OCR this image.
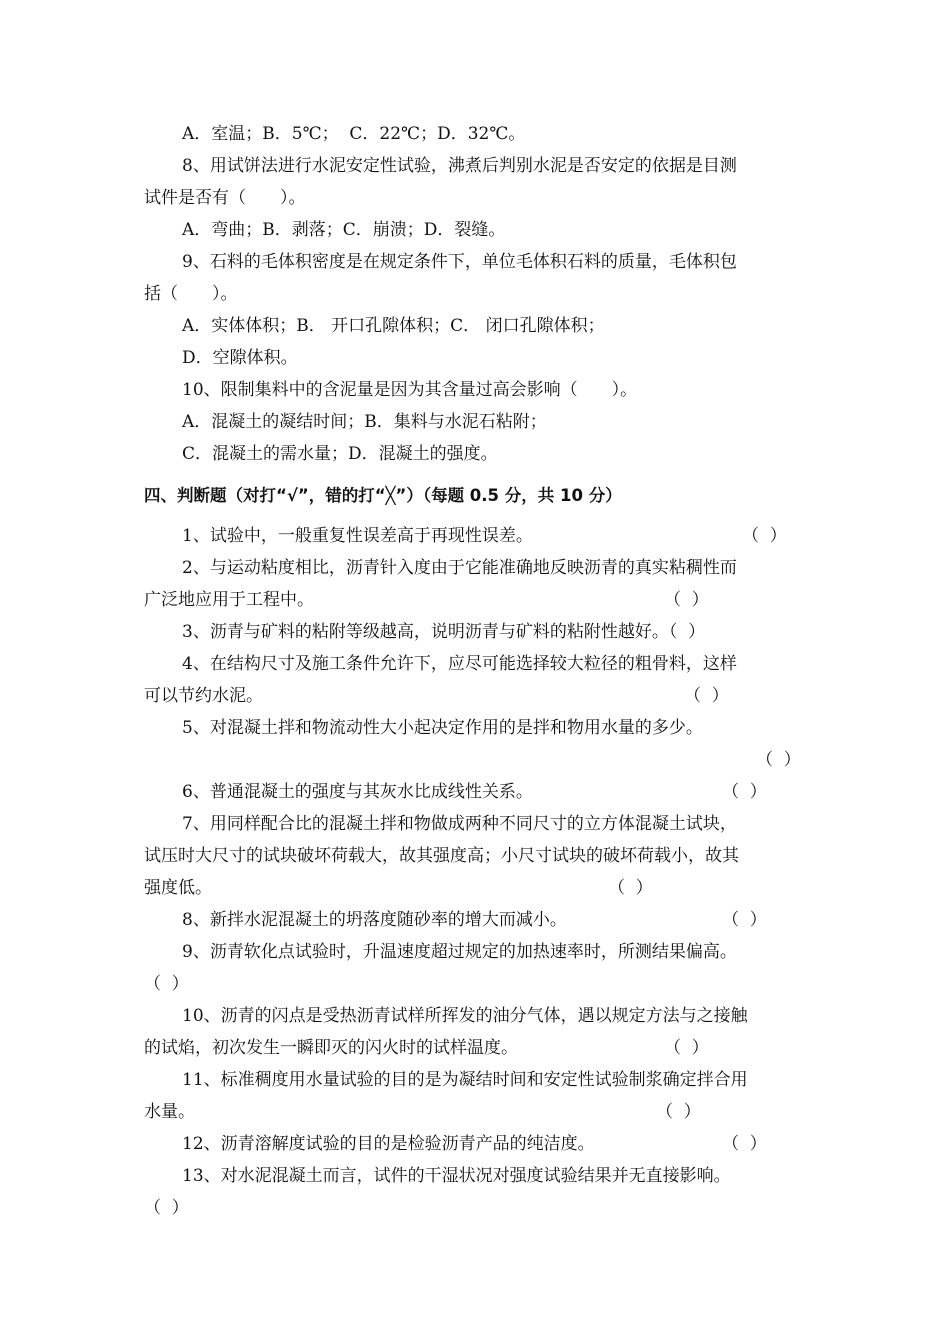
A．室温；B．5℃；  C．22℃；D．32℃。
8、用试饼法进行水泥安定性试验，沸煮后判别水泥是否安定的依据是目测
试件是否有（　　）。
A．弯曲；B．剥落；C．崩溃；D．裂缝。
9、石料的毛体积密度是在规定条件下，单位毛体积石料的质量，毛体积包
括（　　）。
A．实体体积；B． 开口孔隙体积；C． 闭口孔隙体积；
D．空隙体积。
10、限制集料中的含泥量是因为其含量过高会影响（　　）。
A．混凝土的凝结时间；B．集料与水泥石粘附；
C．混凝土的需水量；D．混凝土的强度。
四、判断题（对打“√”，错的打“╳”）（每题 0.5 分，共 10 分）
1、试验中，一般重复性误差高于再现性误差。	（  ）
2、与运动粘度相比，沥青针入度由于它能准确地反映沥青的真实粘稠性而
广泛地应用于工程中。	（  ）
3、沥青与矿料的粘附等级越高，说明沥青与矿料的粘附性越好。（  ）
4、在结构尺寸及施工条件允许下，应尽可能选择较大粒径的粗骨料，这样
可以节约水泥。	（  ）
5、对混凝土拌和物流动性大小起决定作用的是拌和物用水量的多少。
（  ）
6、普通混凝土的强度与其灰水比成线性关系。	（  ）
7、用同样配合比的混凝土拌和物做成两种不同尺寸的立方体混凝土试块，
试压时大尺寸的试块破坏荷载大，故其强度高；小尺寸试块的破坏荷载小，故其
强度低。	（  ）
8、新拌水泥混凝土的坍落度随砂率的增大而减小。	（  ）
9、沥青软化点试验时，升温速度超过规定的加热速率时，所测结果偏高。
（  ）
10、沥青的闪点是受热沥青试样所挥发的油分气体，遇以规定方法与之接触
的试焰，初次发生一瞬即灭的闪火时的试样温度。	（  ）
11、标准稠度用水量试验的目的是为凝结时间和安定性试验制浆确定拌合用
水量。	（  ）
12、沥青溶解度试验的目的是检验沥青产品的纯洁度。	（  ）
13、对水泥混凝土而言，试件的干湿状况对强度试验结果并无直接影响。
（  ）
